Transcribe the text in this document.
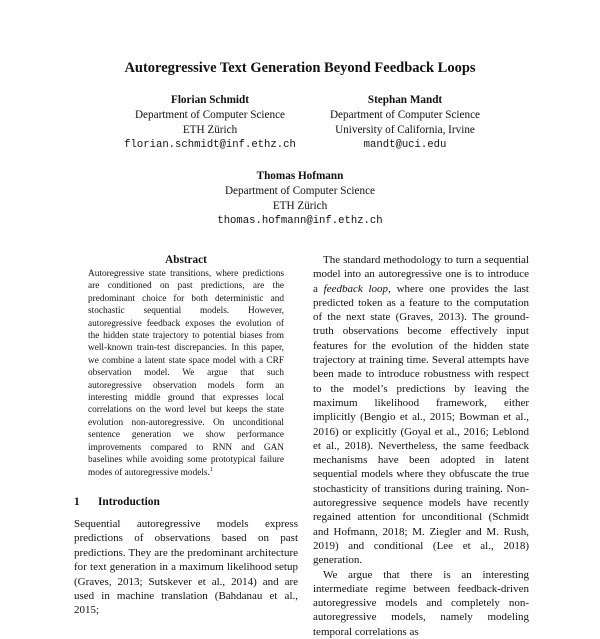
Autoregressive Text Generation Beyond Feedback Loops
Florian Schmidt
Department of Computer Science
ETH Zürich
florian.schmidt@inf.ethz.ch
Stephan Mandt
Department of Computer Science
University of California, Irvine
mandt@uci.edu
Thomas Hofmann
Department of Computer Science
ETH Zürich
thomas.hofmann@inf.ethz.ch
Abstract
Autoregressive state transitions, where predictions are conditioned on past predictions, are the predominant choice for both deterministic and stochastic sequential models. However, autoregressive feedback exposes the evolution of the hidden state trajectory to potential biases from well-known train-test discrepancies. In this paper, we combine a latent state space model with a CRF observation model. We argue that such autoregressive observation models form an interesting middle ground that expresses local correlations on the word level but keeps the state evolution non-autoregressive. On unconditional sentence generation we show performance improvements compared to RNN and GAN baselines while avoiding some prototypical failure modes of autoregressive models.$^1$
1 Introduction
Sequential autoregressive models express predictions of observations based on past predictions. They are the predominant architecture for text generation in a maximum likelihood setup (Graves, 2013; Sutskever et al., 2014) and are used in machine translation (Bahdanau et al., 2015;

The standard methodology to turn a sequential model into an autoregressive one is to introduce a feedback loop, where one provides the last predicted token as a feature to the computation of the next state (Graves, 2013). The ground-truth observations become effectively input features for the evolution of the hidden state trajectory at training time. Several attempts have been made to introduce robustness with respect to the model’s predictions by leaving the maximum likelihood framework, either implicitly (Bengio et al., 2015; Bowman et al., 2016) or explicitly (Goyal et al., 2016; Leblond et al., 2018). Nevertheless, the same feedback mechanisms have been adopted in latent sequential models where they obfuscate the true stochasticity of transitions during training. Non-autoregressive sequence models have recently regained attention for unconditional (Schmidt and Hofmann, 2018; M. Ziegler and M. Rush, 2019) and conditional (Lee et al., 2018) generation.

We argue that there is an interesting intermediate regime between feedback-driven autoregressive models and completely non-autoregressive models, namely modeling temporal correlations as
